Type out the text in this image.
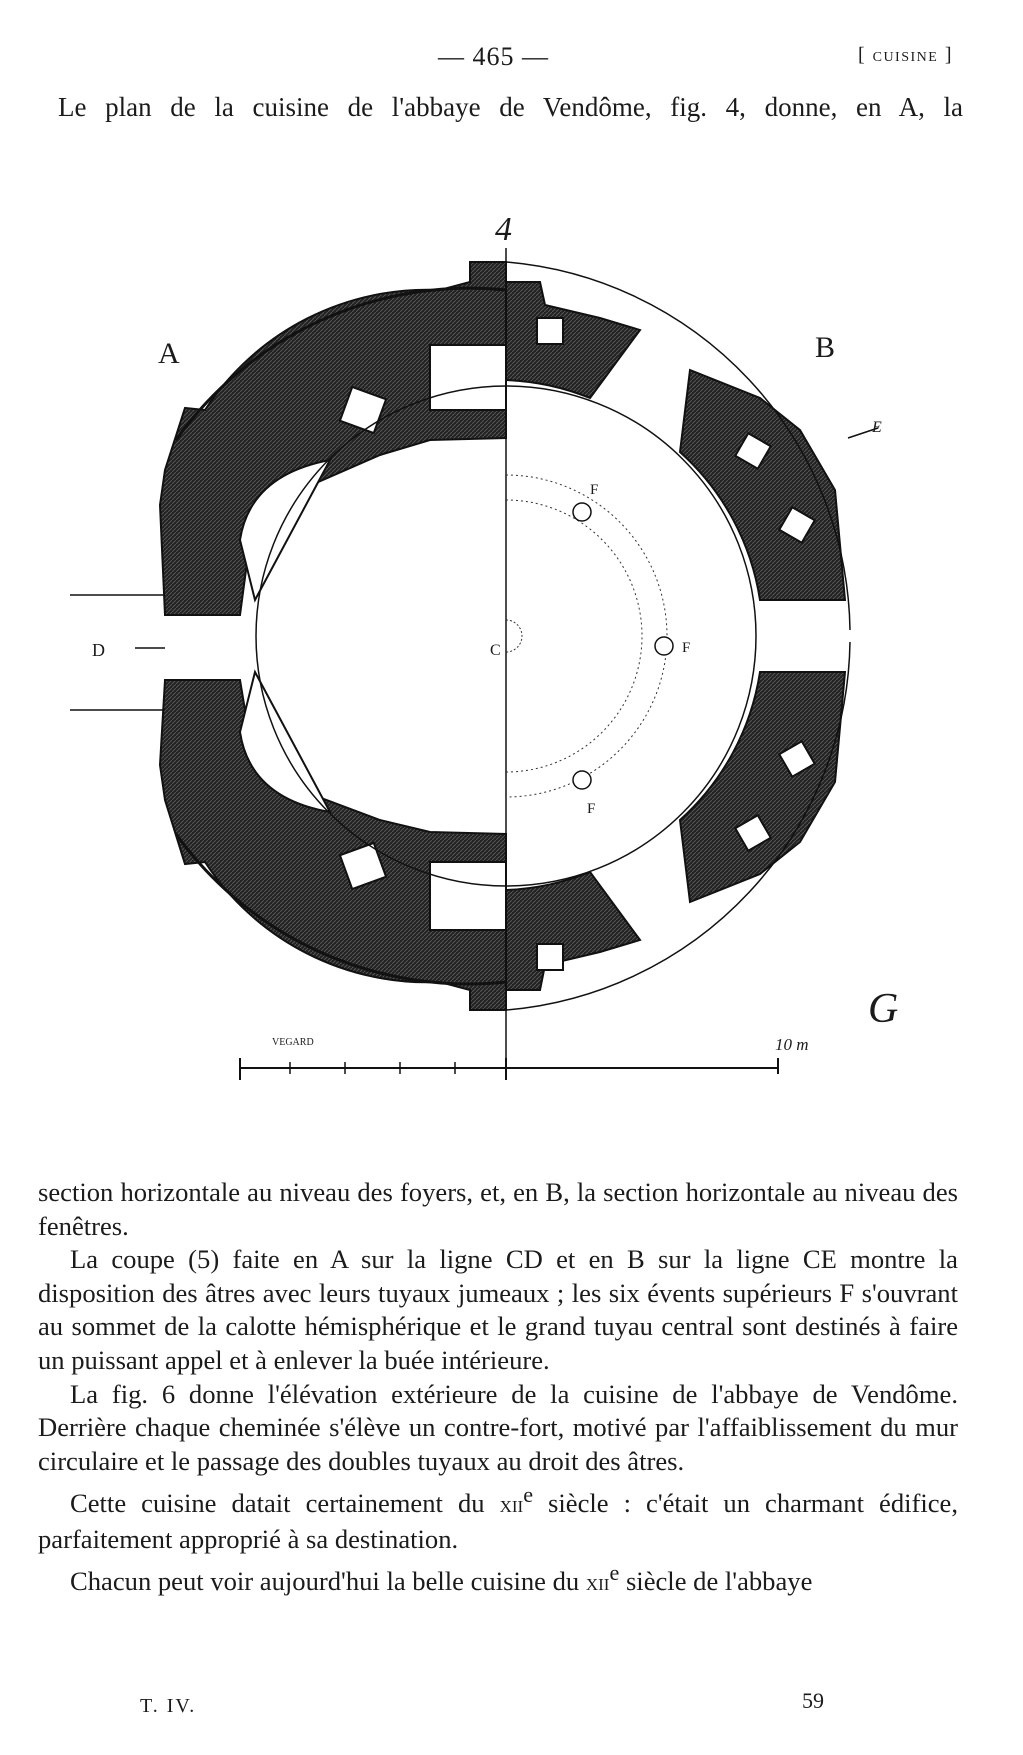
— 465 —	[ cuisine ]
Le plan de la cuisine de l'abbaye de Vendôme, fig. 4, donne, en A, la
4
A	B
C
D
E
F
F
F
VEGARD	10 m
G

section horizontale au niveau des foyers, et, en B, la section horizontale au niveau des fenêtres.

La coupe (5) faite en A sur la ligne CD et en B sur la ligne CE montre la disposition des âtres avec leurs tuyaux jumeaux ; les six évents supérieurs F s'ouvrant au sommet de la calotte hémisphérique et le grand tuyau central sont destinés à faire un puissant appel et à enlever la buée intérieure.

La fig. 6 donne l'élévation extérieure de la cuisine de l'abbaye de Vendôme. Derrière chaque cheminée s'élève un contre-fort, motivé par l'affaiblissement du mur circulaire et le passage des doubles tuyaux au droit des âtres.

Cette cuisine datait certainement du xii$^e$ siècle : c'était un charmant édifice, parfaitement approprié à sa destination.

Chacun peut voir aujourd'hui la belle cuisine du xii$^e$ siècle de l'abbaye

T. IV.	59
